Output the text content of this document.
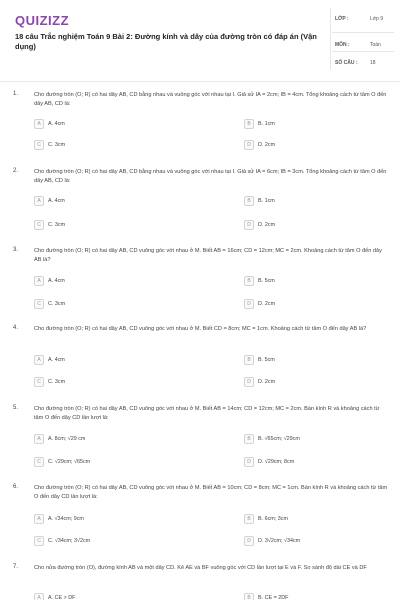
QUIZIZZ
18 câu Trắc nghiệm Toán 9 Bài 2: Đường kính và dây của đường tròn có đáp án (Vận dụng)
LỚP :	Lớp 9
MÔN :	Toán
SỐ CÂU :	18
1.	Cho đường tròn (O; R) có hai dây AB, CD bằng nhau và vuông góc với nhau tại I. Giả sử IA = 2cm; IB = 4cm. Tổng khoảng cách từ tâm O đến dây AB, CD là:
A	A. 4cm	B	B. 1cm
C	C. 3cm	D	D. 2cm
2.	Cho đường tròn (O; R) có hai dây AB, CD bằng nhau và vuông góc với nhau tại I. Giả sử IA = 6cm; IB = 3cm. Tổng khoảng cách từ tâm O đến dây AB, CD là:
A	A. 4cm	B	B. 1cm
C	C. 3cm	D	D. 2cm
3.	Cho đường tròn (O; R) có hai dây AB, CD vuông góc với nhau ở M. Biết AB = 16cm; CD = 12cm; MC = 2cm. Khoảng cách từ tâm O đến dây AB là?
A	A. 4cm	B	B. 5cm
C	C. 3cm	D	D. 2cm
4.	Cho đường tròn (O; R) có hai dây AB, CD vuông góc với nhau ở M. Biết CD = 8cm; MC = 1cm. Khoảng cách từ tâm O đến dây AB là?
A	A. 4cm	B	B. 5cm
C	C. 3cm	D	D. 2cm
5.	Cho đường tròn (O; R) có hai dây AB, CD vuông góc với nhau ở M. Biết AB = 14cm; CD = 12cm; MC = 2cm. Bán kính R và khoảng cách từ tâm O đến dây CD lần lượt là:
A	A. 8cm; √29 cm	B	B. √65cm; √29cm
C	C. √29cm; √65cm	D	D. √29cm; 8cm
6.	Cho đường tròn (O; R) có hai dây AB, CD vuông góc với nhau ở M. Biết AB = 10cm; CD = 8cm; MC = 1cm. Bán kính R và khoảng cách từ tâm O đến dây CD lần lượt là:
A	A. √34cm; 9cm	B	B. 6cm; 3cm
C	C. √34cm; 3√2cm	D	D. 3√2cm; √34cm
7.	Cho nửa đường tròn (O), đường kính AB và một dây CD. Kẻ AE và BF vuông góc với CD lần lượt tại E và F. So sánh độ dài CE và DF
A	A. CE > DF	B	B. CE = 2DF
